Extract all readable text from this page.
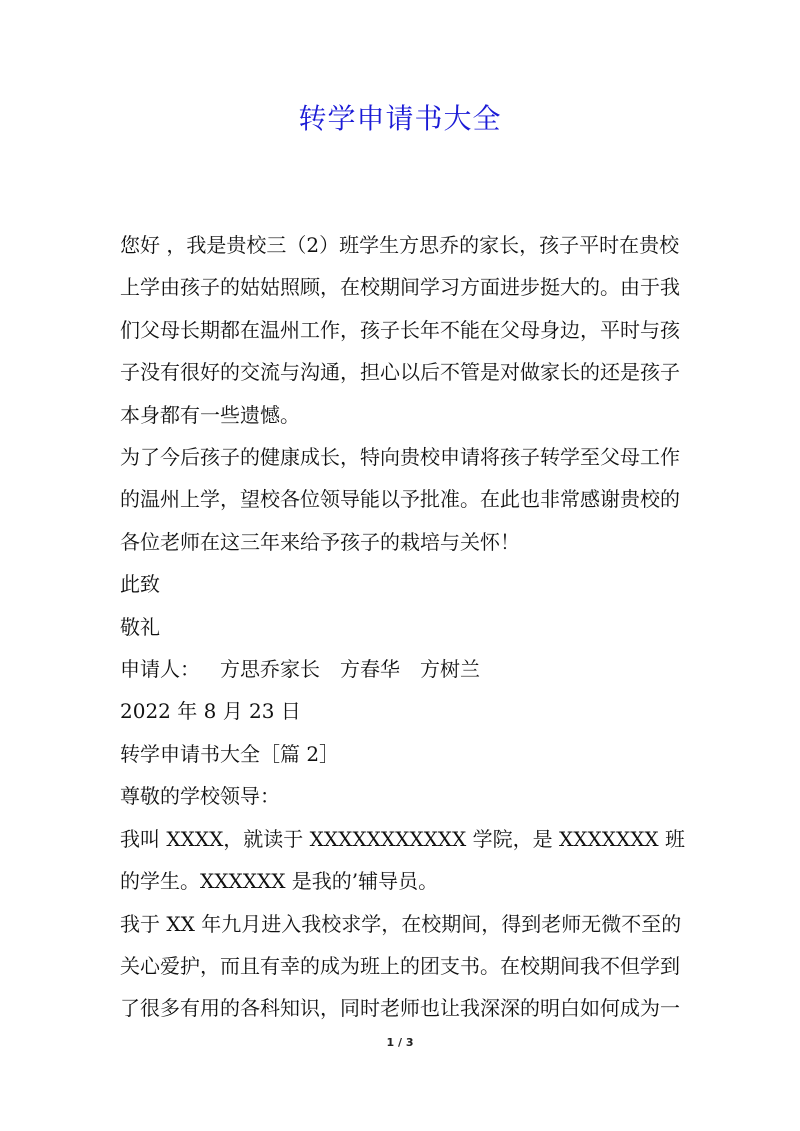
转学申请书大全

您好 ，我是贵校三（2）班学生方思乔的家长，孩子平时在贵校上学由孩子的姑姑照顾，在校期间学习方面进步挺大的。由于我们父母长期都在温州工作，孩子长年不能在父母身边，平时与孩子没有很好的交流与沟通，担心以后不管是对做家长的还是孩子本身都有一些遗憾。

为了今后孩子的健康成长，特向贵校申请将孩子转学至父母工作的温州上学，望校各位领导能以予批准。在此也非常感谢贵校的各位老师在这三年来给予孩子的栽培与关怀！

此致

敬礼

申请人： 方思乔家长 方春华 方树兰

2022 年 8 月 23 日

转学申请书大全［篇 2］

尊敬的学校领导：

我叫 XXXX，就读于 XXXXXXXXXXX 学院，是 XXXXXXX 班的学生。XXXXXX 是我的’辅导员。

我于 XX 年九月进入我校求学，在校期间，得到老师无微不至的关心爱护，而且有幸的成为班上的团支书。在校期间我不但学到了很多有用的各科知识，同时老师也让我深深的明白如何成为一

1 / 3
